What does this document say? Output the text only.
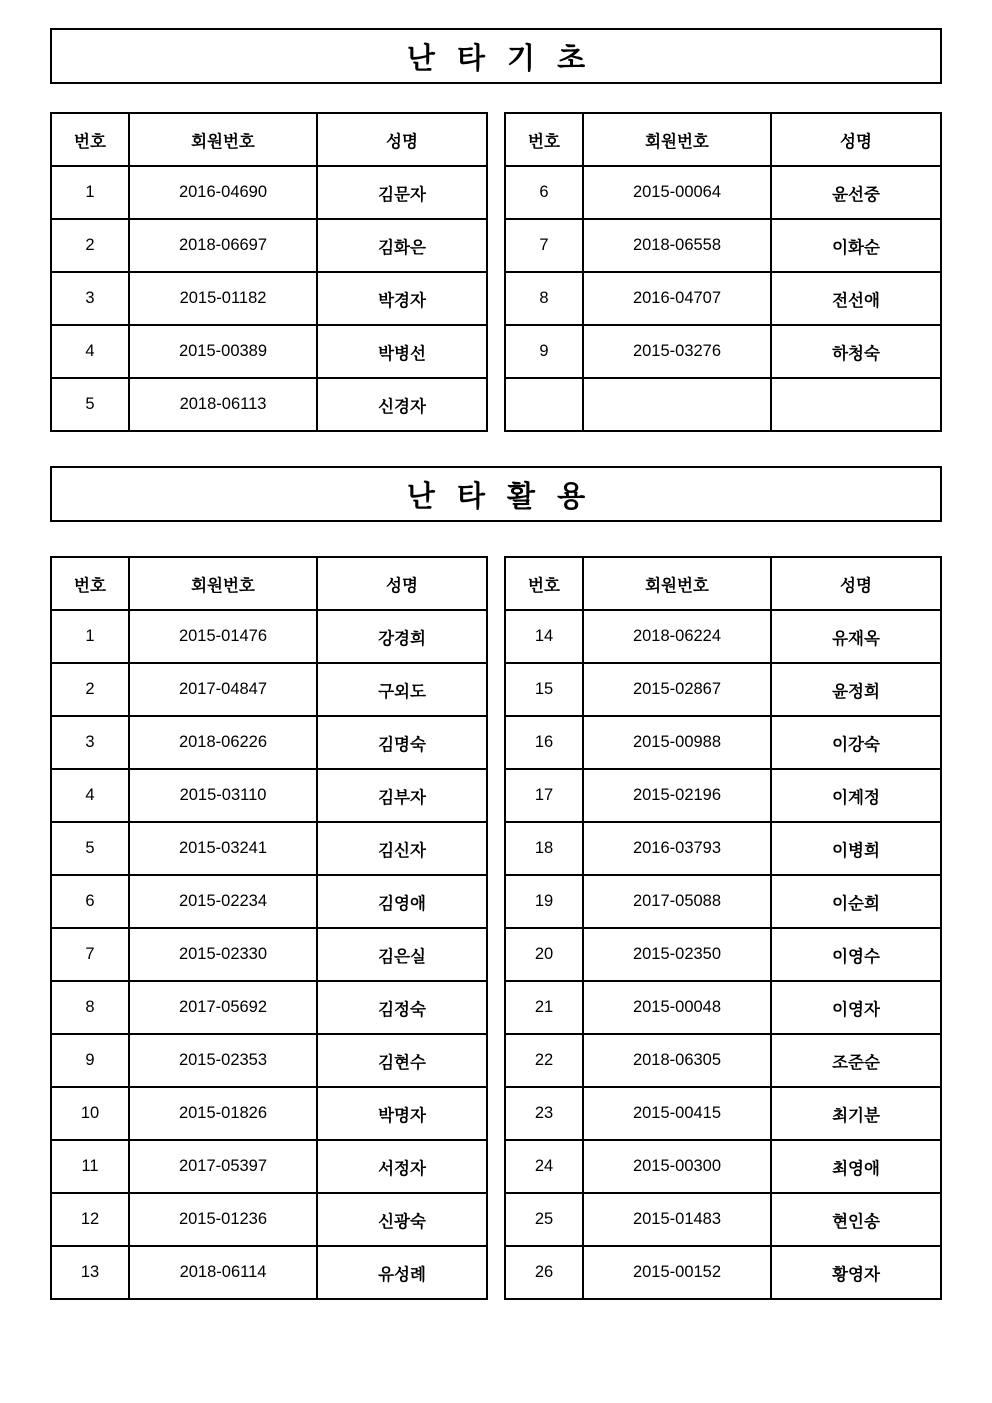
난 타 기 초
번호	회원번호	성명
1	2016-04690	김문자
2	2018-06697	김화은
3	2015-01182	박경자
4	2015-00389	박병선
5	2018-06113	신경자
번호	회원번호	성명
6	2015-00064	윤선중
7	2018-06558	이화순
8	2016-04707	전선애
9	2015-03276	하청숙

난 타 활 용
번호	회원번호	성명
1	2015-01476	강경희
2	2017-04847	구외도
3	2018-06226	김명숙
4	2015-03110	김부자
5	2015-03241	김신자
6	2015-02234	김영애
7	2015-02330	김은실
8	2017-05692	김정숙
9	2015-02353	김현수
10	2015-01826	박명자
11	2017-05397	서정자
12	2015-01236	신광숙
13	2018-06114	유성례
번호	회원번호	성명
14	2018-06224	유재옥
15	2015-02867	윤정희
16	2015-00988	이강숙
17	2015-02196	이계정
18	2016-03793	이병희
19	2017-05088	이순희
20	2015-02350	이영수
21	2015-00048	이영자
22	2018-06305	조준순
23	2015-00415	최기분
24	2015-00300	최영애
25	2015-01483	현인송
26	2015-00152	황영자
